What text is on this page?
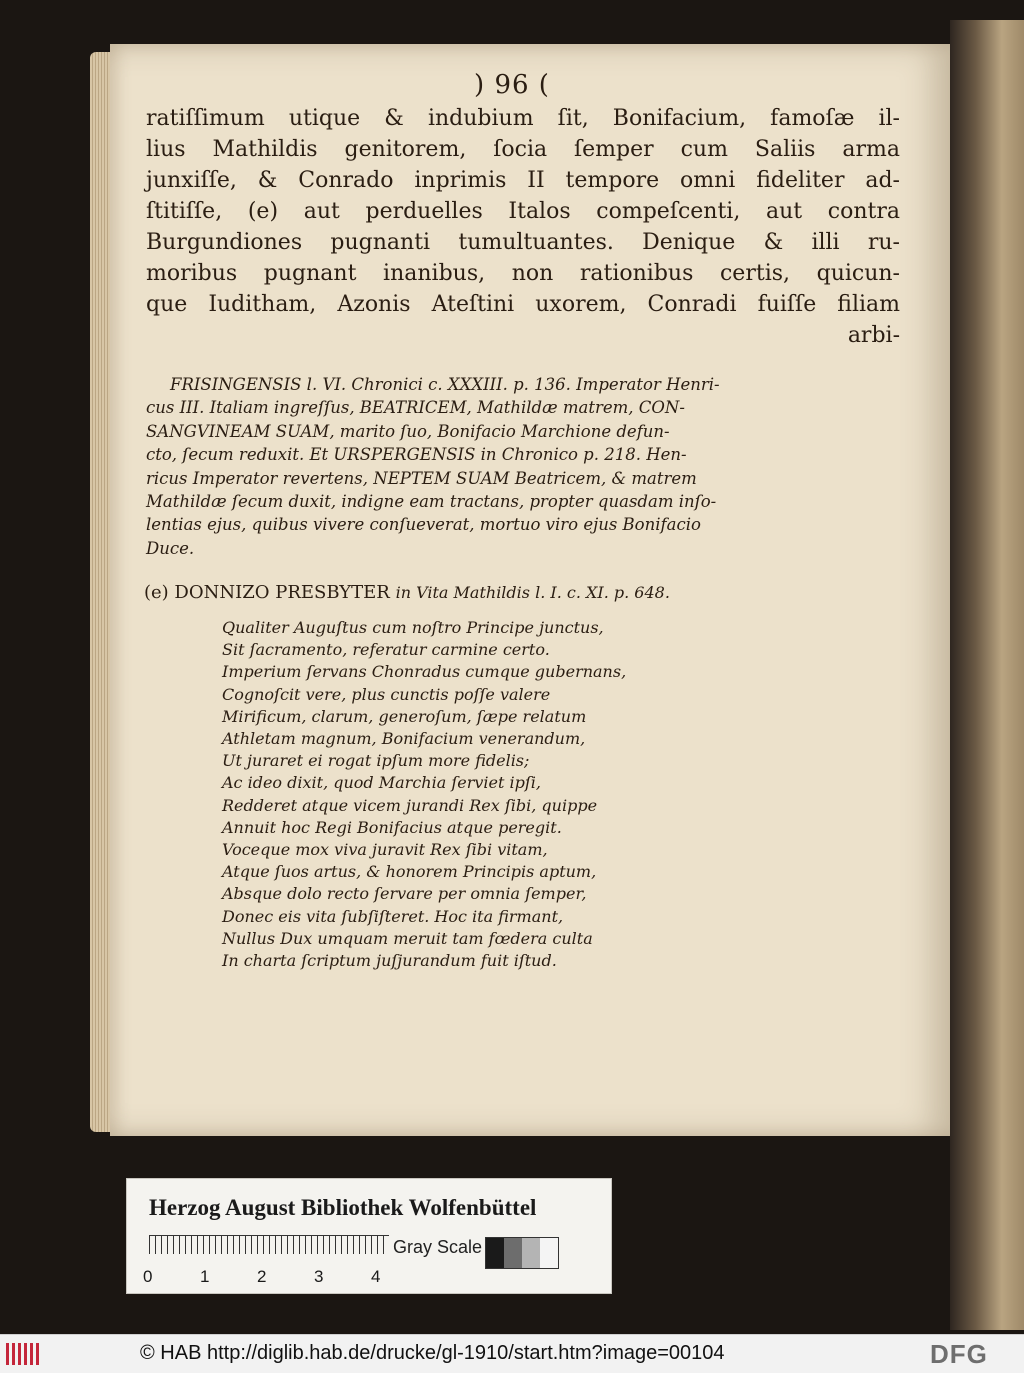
) 96 (
ratiſſimum utique & indubium ſit, Bonifacium, famoſæ il-
lius Mathildis genitorem, ſocia ſemper cum Saliis arma
junxiſſe, & Conrado inprimis II tempore omni fideliter ad-
ſtitiſſe, (e) aut perduelles Italos compeſcenti, aut contra
Burgundiones pugnanti tumultuantes. Denique & illi ru-
moribus pugnant inanibus, non rationibus certis, quicun-
que Iuditham, Azonis Ateſtini uxorem, Conradi fuiſſe filiam
arbi-
FRISINGENSIS l. VI. Chronici c. XXXIII. p. 136. Imperator Henri-
cus III. Italiam ingreſſus, BEATRICEM, Mathildæ matrem, CON-
SANGVINEAM SUAM, marito ſuo, Bonifacio Marchione defun-
cto, ſecum reduxit. Et URSPERGENSIS in Chronico p. 218. Hen-
ricus Imperator revertens, NEPTEM SUAM Beatricem, & matrem
Mathildæ ſecum duxit, indigne eam tractans, propter quasdam inſo-
lentias ejus, quibus vivere conſueverat, mortuo viro ejus Bonifacio
Duce.
(e) DONNIZO PRESBYTER in Vita Mathildis l. I. c. XI. p. 648.
Qualiter Auguſtus cum noſtro Principe junctus,
Sit ſacramento, referatur carmine certo.
Imperium ſervans Chonradus cumque gubernans,
Cognoſcit vere, plus cunctis poſſe valere
Mirificum, clarum, generoſum, ſæpe relatum
Athletam magnum, Bonifacium venerandum,
Ut juraret ei rogat ipſum more fidelis;
Ac ideo dixit, quod Marchia ſerviet ipſi,
Redderet atque vicem jurandi Rex ſibi, quippe
Annuit hoc Regi Bonifacius atque peregit.
Voceque mox viva juravit Rex ſibi vitam,
Atque ſuos artus, & honorem Principis aptum,
Absque dolo recto ſervare per omnia ſemper,
Donec eis vita ſubſiſteret. Hoc ita firmant,
Nullus Dux umquam meruit tam fœdera culta
In charta ſcriptum juſjurandum fuit iſtud.
Herzog August Bibliothek Wolfenbüttel
0	1	2	3	4
Gray Scale
© HAB http://diglib.hab.de/drucke/gl-1910/start.htm?image=00104	DFG
